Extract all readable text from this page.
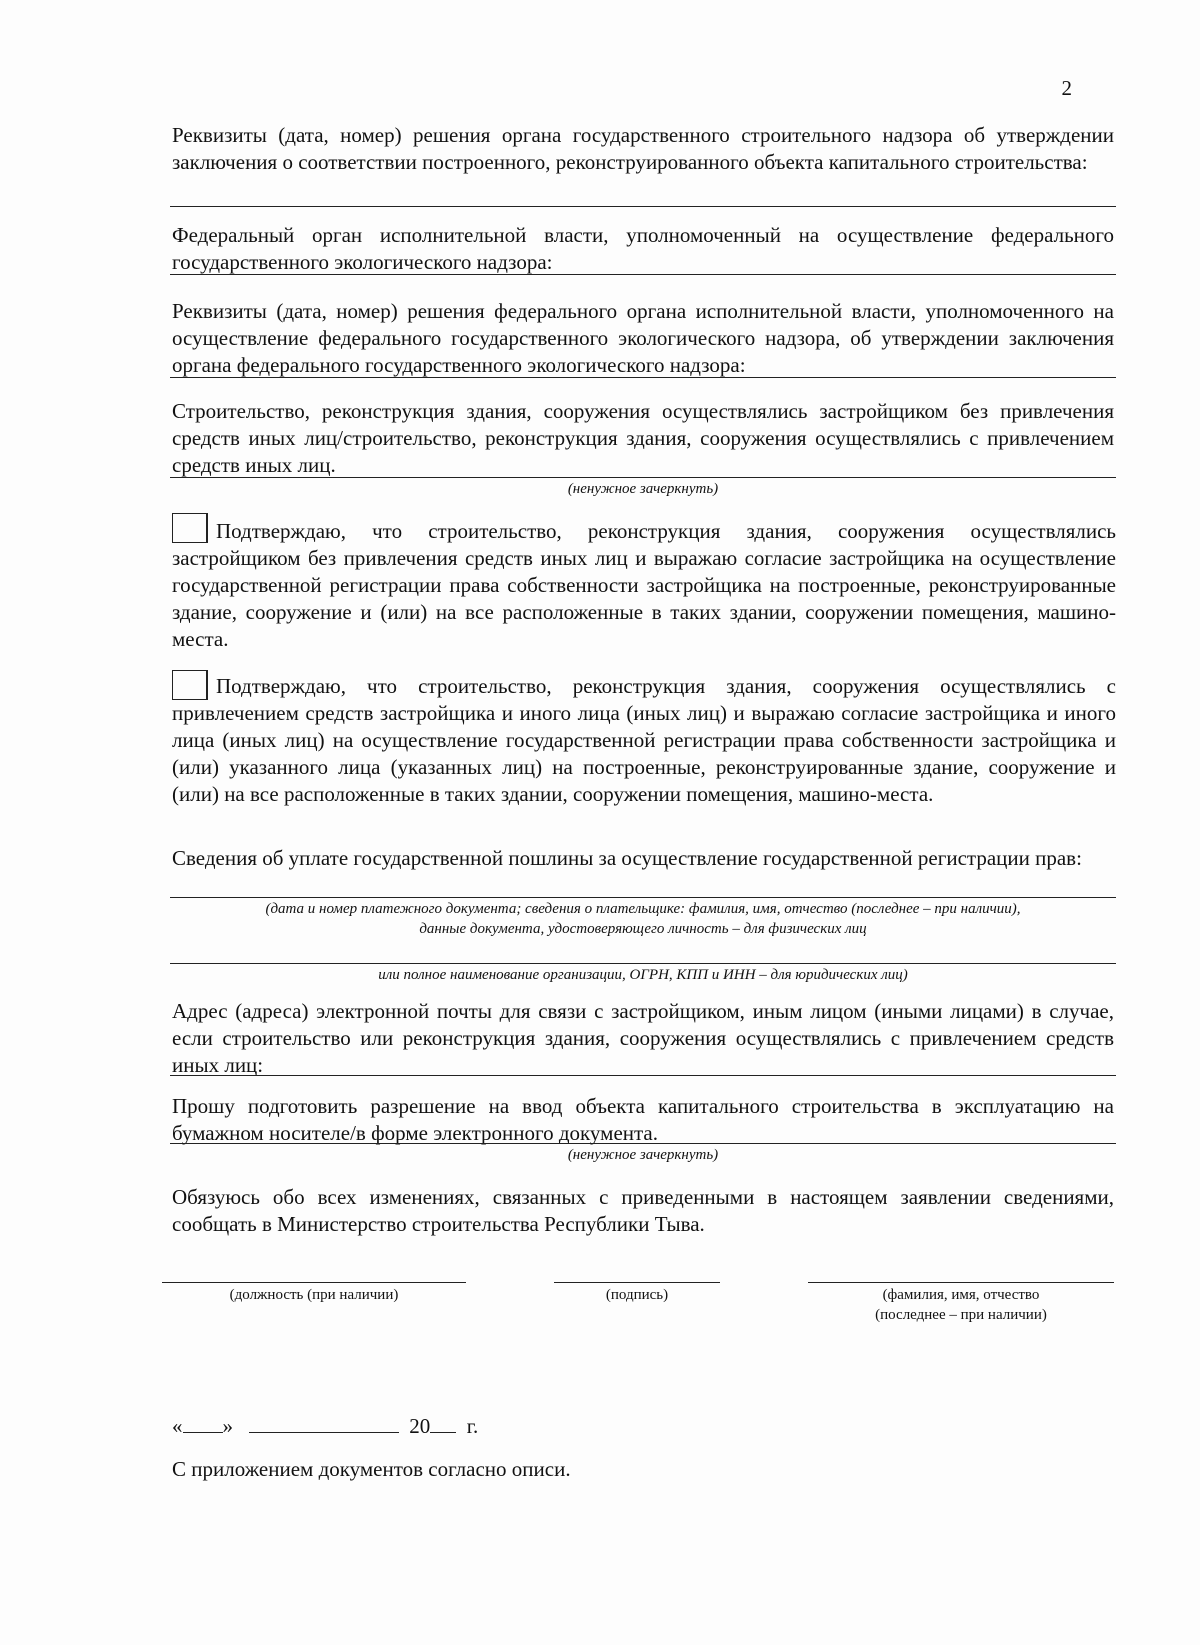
2

Реквизиты (дата, номер) решения органа государственного строительного надзора об утверждении заключения о соответствии построенного, реконструированного объекта капитального строительства:

Федеральный орган исполнительной власти, уполномоченный на осуществление федерального государственного экологического надзора:

Реквизиты (дата, номер) решения федерального органа исполнительной власти, уполномоченного на осуществление федерального государственного экологического надзора, об утверждении заключения органа федерального государственного экологического надзора:

Строительство, реконструкция здания, сооружения осуществлялись застройщиком без привлечения средств иных лиц/строительство, реконструкция здания, сооружения осуществлялись с привлечением средств иных лиц.

(ненужное зачеркнуть)
Подтверждаю, что строительство, реконструкция здания, сооружения осуществлялись застройщиком без привлечения средств иных лиц и выражаю согласие застройщика на осуществление государственной регистрации права собственности застройщика на построенные, реконструированные здание, сооружение и (или) на все расположенные в таких здании, сооружении помещения, машино-места.
Подтверждаю, что строительство, реконструкция здания, сооружения осуществлялись с привлечением средств застройщика и иного лица (иных лиц) и выражаю согласие застройщика и иного лица (иных лиц) на осуществление государственной регистрации права собственности застройщика и (или) указанного лица (указанных лиц) на построенные, реконструированные здание, сооружение и (или) на все расположенные в таких здании, сооружении помещения, машино-места.

Сведения об уплате государственной пошлины за осуществление государственной регистрации прав:

(дата и номер платежного документа; сведения о плательщике: фамилия, имя, отчество (последнее – при наличии),
данные документа, удостоверяющего личность – для физических лиц
или полное наименование организации, ОГРН, КПП и ИНН – для юридических лиц)

Адрес (адреса) электронной почты для связи с застройщиком, иным лицом (иными лицами) в случае, если строительство или реконструкция здания, сооружения осуществлялись с привлечением средств иных лиц:

Прошу подготовить разрешение на ввод объекта капитального строительства в эксплуатацию на бумажном носителе/в форме электронного документа.

(ненужное зачеркнуть)

Обязуюсь обо всех изменениях, связанных с приведенными в настоящем заявлении сведениями, сообщать в Министерство строительства Республики Тыва.

(должность (при наличии)	(подпись)	(фамилия, имя, отчество
(последнее – при наличии)
« »	20 г.
С приложением документов согласно описи.
